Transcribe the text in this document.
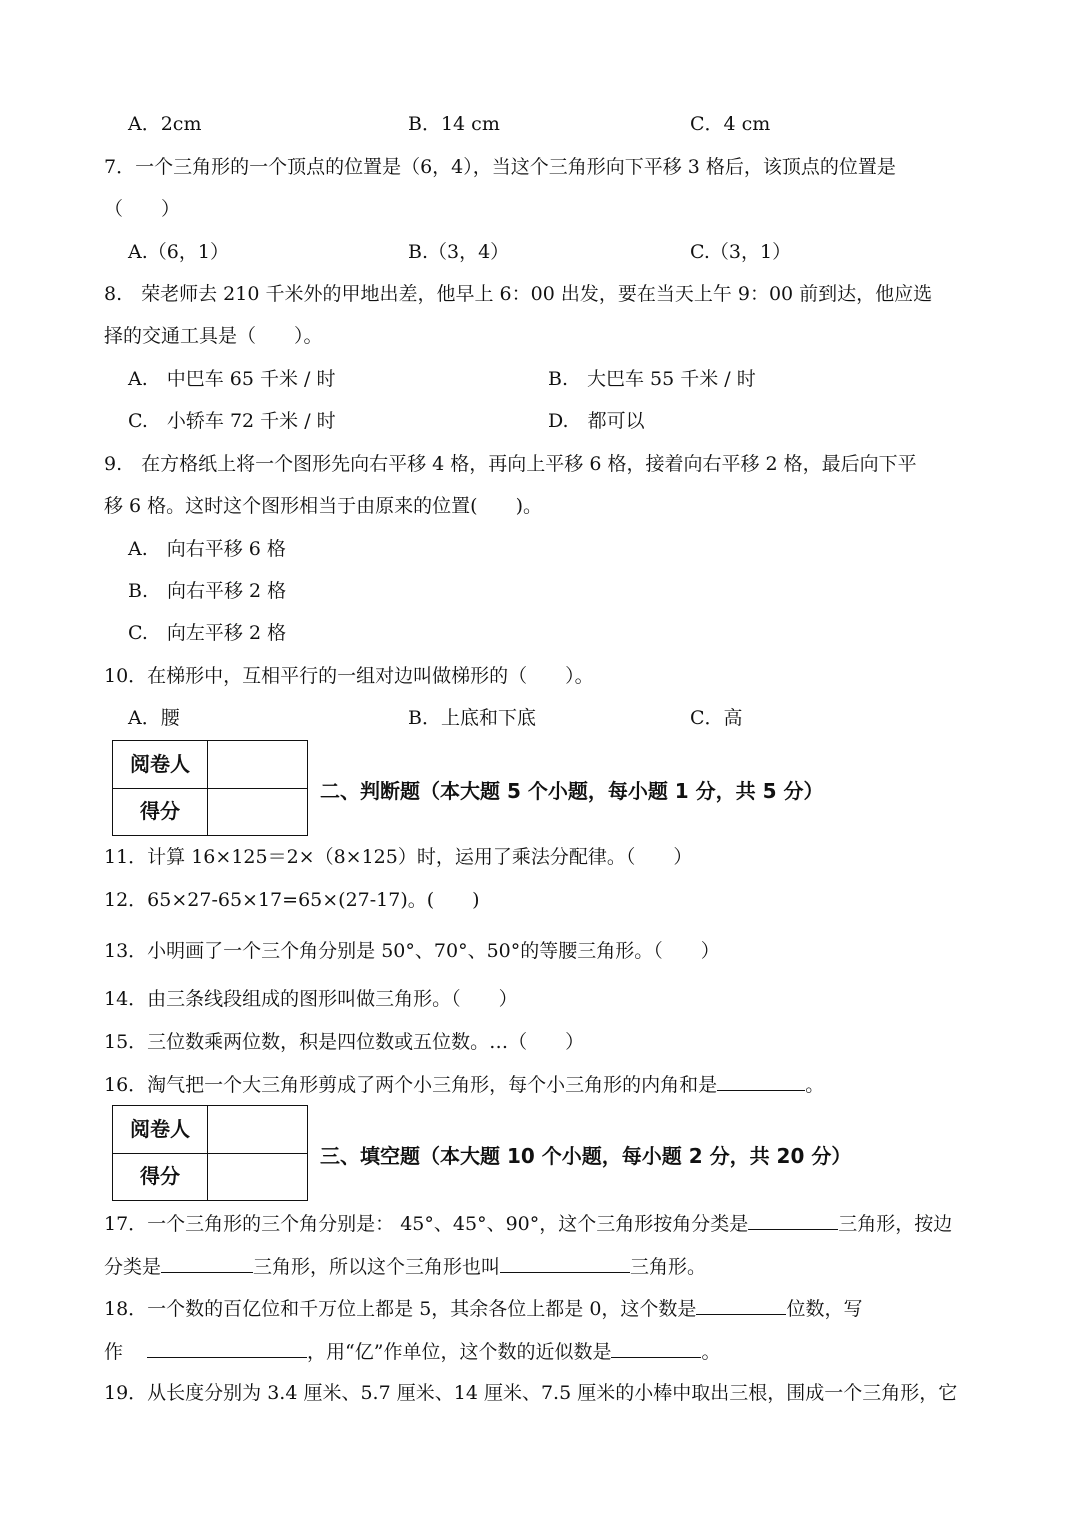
A．2cm	B．14 cm	C．4 cm
7．一个三角形的一个顶点的位置是（6，4），当这个三角形向下平移 3 格后，该顶点的位置是
（　　）
A.（6，1）	B.（3，4）	C.（3，1）
8.　荣老师去 210 千米外的甲地出差，他早上 6：00 出发，要在当天上午 9：00 前到达，他应选
择的交通工具是（　　）。
A.　中巴车 65 千米 / 时	B.　大巴车 55 千米 / 时
C.　小轿车 72 千米 / 时	D.　都可以
9.　在方格纸上将一个图形先向右平移 4 格，再向上平移 6 格，接着向右平移 2 格，最后向下平
移 6 格。这时这个图形相当于由原来的位置(　　)。
A.　向右平移 6 格
B.　向右平移 2 格
C.　向左平移 2 格
10．在梯形中，互相平行的一组对边叫做梯形的（　　）。
A．腰	B．上底和下底	C．高
阅卷人
得分
二、判断题（本大题 5 个小题，每小题 1 分，共 5 分）
11．计算 16×125＝2×（8×125）时，运用了乘法分配律。（　　）
12．65×27-65×17=65×(27-17)。(　　)
13．小明画了一个三个角分别是 50°、70°、50°的等腰三角形。（　　）
14．由三条线段组成的图形叫做三角形。（　　）
15．三位数乘两位数，积是四位数或五位数。…（　　）
16．淘气把一个大三角形剪成了两个小三角形，每个小三角形的内角和是	。
阅卷人
得分
三、填空题（本大题 10 个小题，每小题 2 分，共 20 分）
17．一个三角形的三个角分别是： 45°、45°、90°，这个三角形按角分类是	三角形，按边
分类是	三角形，所以这个三角形也叫	三角形。
18．一个数的百亿位和千万位上都是 5，其余各位上都是 0，这个数是	位数，写
作	，用“亿”作单位，这个数的近似数是	。
19．从长度分别为 3.4 厘米、5.7 厘米、14 厘米、7.5 厘米的小棒中取出三根，围成一个三角形，它
